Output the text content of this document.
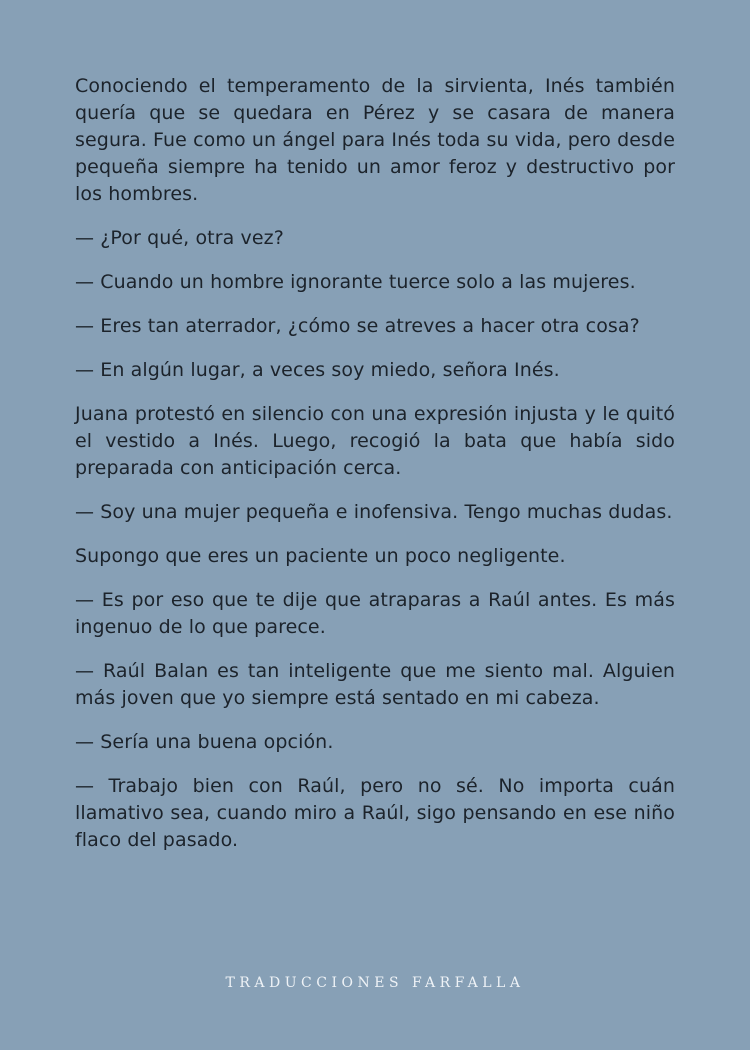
Conociendo el temperamento de la sirvienta, Inés también quería que se quedara en Pérez y se casara de manera segura. Fue como un ángel para Inés toda su vida, pero desde pequeña siempre ha tenido un amor feroz y destructivo por los hombres.

— ¿Por qué, otra vez?

— Cuando un hombre ignorante tuerce solo a las mujeres.

— Eres tan aterrador, ¿cómo se atreves a hacer otra cosa?

— En algún lugar, a veces soy miedo, señora Inés.

Juana protestó en silencio con una expresión injusta y le quitó el vestido a Inés. Luego, recogió la bata que había sido preparada con anticipación cerca.

— Soy una mujer pequeña e inofensiva. Tengo muchas dudas.

Supongo que eres un paciente un poco negligente.

— Es por eso que te dije que atraparas a Raúl antes. Es más ingenuo de lo que parece.

— Raúl Balan es tan inteligente que me siento mal. Alguien más joven que yo siempre está sentado en mi cabeza.

— Sería una buena opción.

— Trabajo bien con Raúl, pero no sé. No importa cuán llamativo sea, cuando miro a Raúl, sigo pensando en ese niño flaco del pasado.

TRADUCCIONES FARFALLA
